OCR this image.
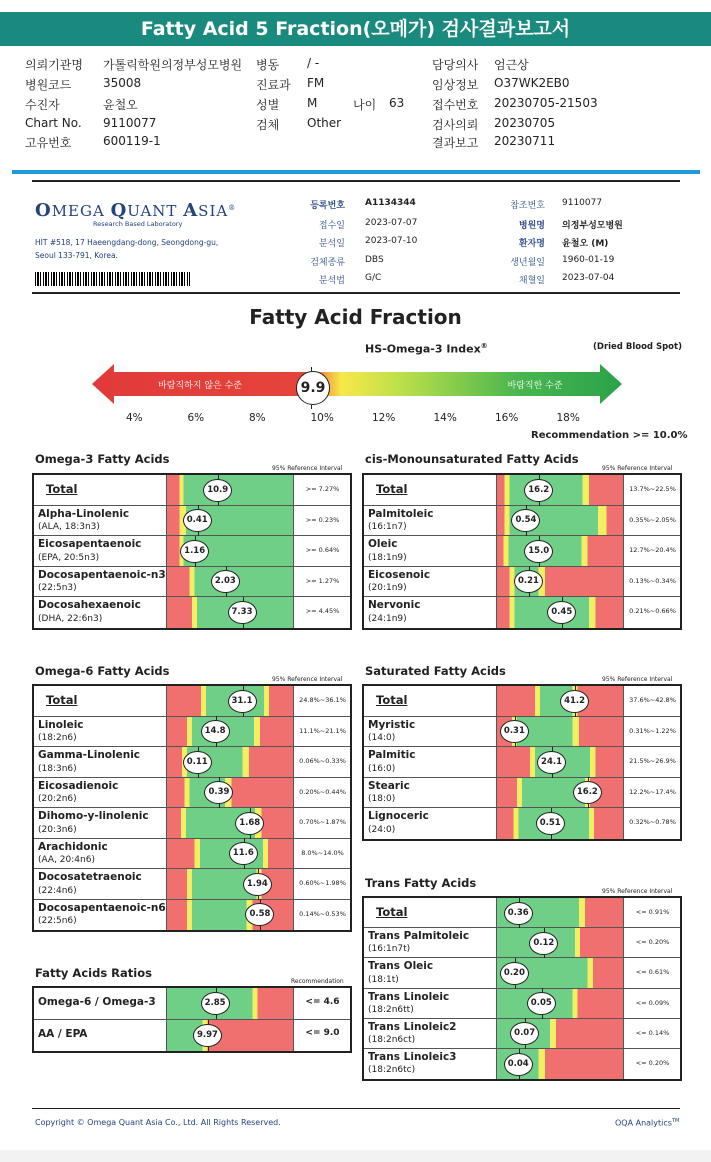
Fatty Acid 5 Fraction(오메가) 검사결과보고서
의뢰기관명 가톨릭학원의정부성모병원
병원코드	35008
수진자	윤철오
Chart No. 9110077
고유번호	600119-1
병동 / -
진료과 FM
성별 M
검체 Other
나이 63
담당의사 엄근상
임상정보 O37WK2EB0
접수번호 20230705-21503
검사의뢰 20230705
결과보고 20230711
OMEGA QUANT ASIA®
Research Based Laboratory
HIT #518, 17 Haeengdang-dong, Seongdong-gu,
Seoul 133-791, Korea.
등록번호 A1134344
접수일 2023-07-07
분석일 2023-07-10
검체종류 DBS
분석법 G/C
참조번호 9110077
병원명 의정부성모병원
환자명 윤철오 (M)
생년월일 1960-01-19
채혈일 2023-07-04
Fatty Acid Fraction
HS-Omega-3 Index®	(Dried Blood Spot)
바람직하지 않은 수준	바람직한 수준
9.9
4%	6%	8%	10%	12%	14%	16%	18%
Recommendation >= 10.0%
Omega-3 Fatty Acids
95% Reference Interval
Total	10.9	>= 7.27%
Alpha-Linolenic
(ALA, 18:3n3)
0.41	>= 0.23%
Eicosapentaenoic
(EPA, 20:5n3)
1.16	>= 0.64%
Docosapentaenoic-n3
(22:5n3)
2.03	>= 1.27%
Docosahexaenoic
(DHA, 22:6n3)
7.33	>= 4.45%
cis-Monounsaturated Fatty Acids
95% Reference Interval
Total	16.2	13.7%~22.5%
Palmitoleic
(16:1n7)
0.54	0.35%~2.05%
Oleic
(18:1n9)
15.0	12.7%~20.4%
Eicosenoic
(20:1n9)
0.21	0.13%~0.34%
Nervonic
(24:1n9)
0.45	0.21%~0.66%
Omega-6 Fatty Acids
95% Reference Interval
Total	31.1	24.8%~36.1%
Linoleic
(18:2n6)
14.8	11.1%~21.1%
Gamma-Linolenic
(18:3n6)
0.11	0.06%~0.33%
Eicosadienoic
(20:2n6)
0.39	0.20%~0.44%
Dihomo-y-linolenic
(20:3n6)
1.68	0.70%~1.87%
Arachidonic
(AA, 20:4n6)
11.6	8.0%~14.0%
Docosatetraenoic
(22:4n6)
1.94	0.60%~1.98%
Docosapentaenoic-n6
(22:5n6)
0.58	0.14%~0.53%
Saturated Fatty Acids
95% Reference Interval
Total	41.2	37.6%~42.8%
Myristic
(14:0)
0.31	0.31%~1.22%
Palmitic
(16:0)
24.1	21.5%~26.9%
Stearic
(18:0)
16.2	12.2%~17.4%
Lignoceric
(24:0)
0.51	0.32%~0.78%
Trans Fatty Acids
95% Reference Interval
Total	0.36	<= 0.91%
Trans Palmitoleic
(16:1n7t)
0.12	<= 0.20%
Trans Oleic
(18:1t)
0.20	<= 0.61%
Trans Linoleic
(18:2n6tt)
0.05	<= 0.09%
Trans Linoleic2
(18:2n6ct)
0.07	<= 0.14%
Trans Linoleic3
(18:2n6tc)
0.04	<= 0.20%
Fatty Acids Ratios
Recommendation
Omega-6 / Omega-3	2.85	<= 4.6
AA / EPA	9.97	<= 9.0
Copyright © Omega Quant Asia Co., Ltd. All Rights Reserved.	OQA Analytics™
